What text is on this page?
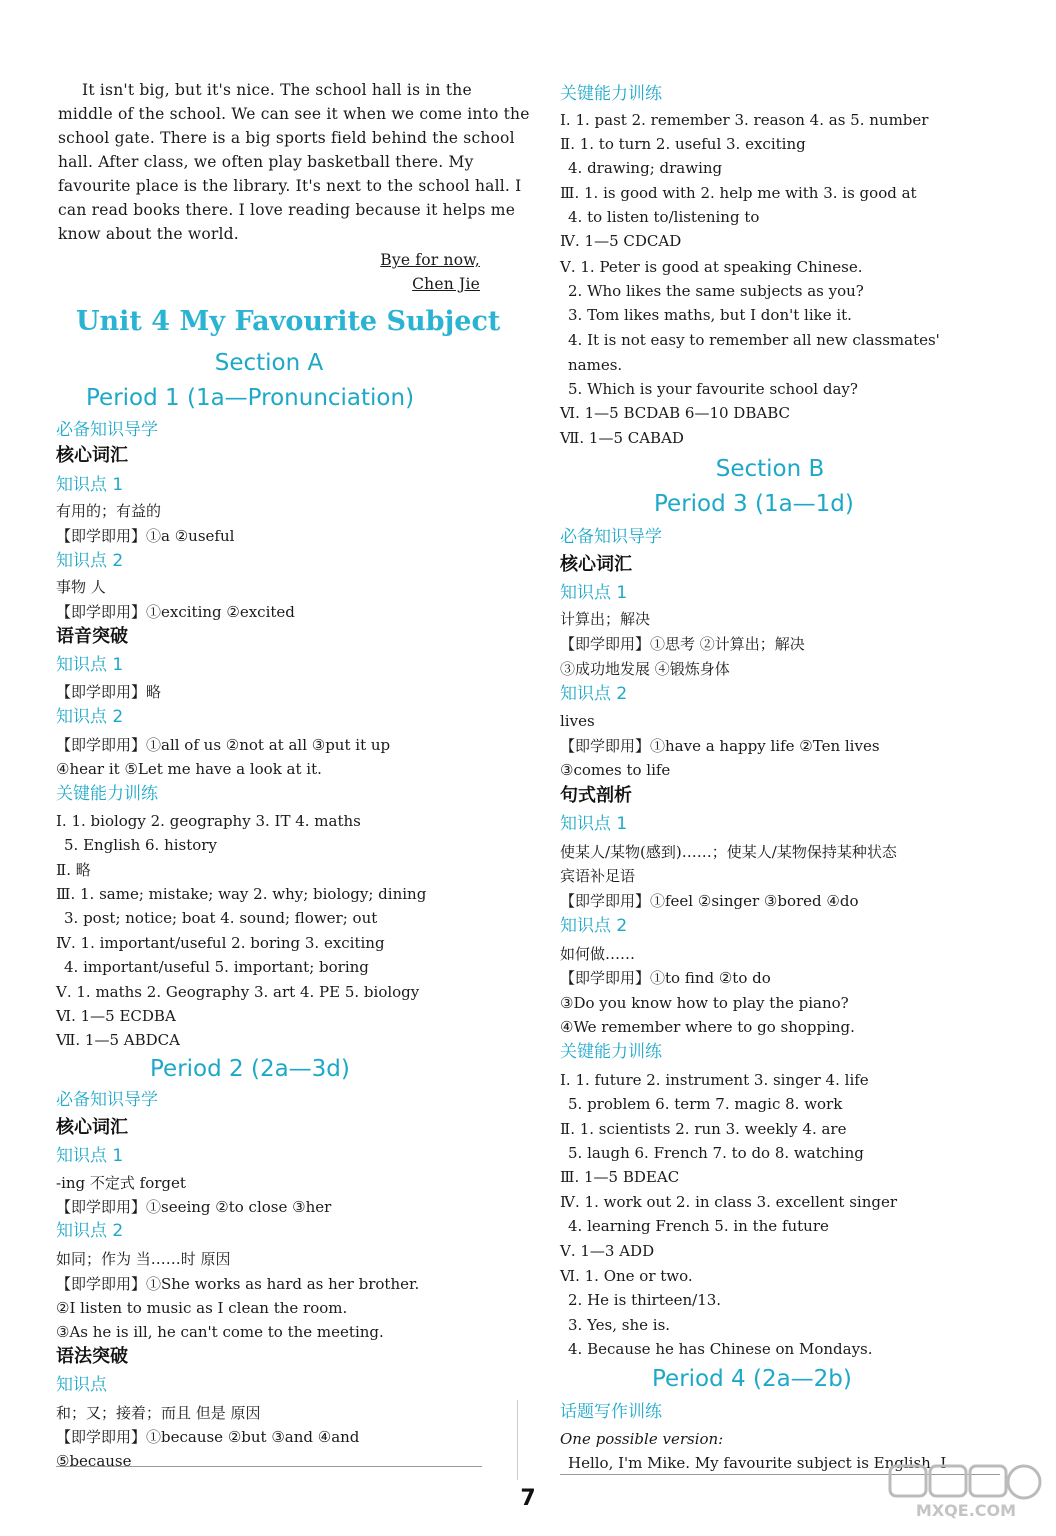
It isn't big, but it's nice. The school hall is in the
middle of the school. We can see it when we come into the
school gate. There is a big sports field behind the school
hall. After class, we often play basketball there. My
favourite place is the library. It's next to the school hall. I
can read books there. I love reading because it helps me
know about the world.
Bye for now,
Chen Jie
Unit 4 My Favourite Subject
Section A
Period 1 (1a—Pronunciation)
必备知识导学
核心词汇
知识点 1
有用的；有益的
【即学即用】①a ②useful
知识点 2
事物 人
【即学即用】①exciting ②excited
语音突破
知识点 1
【即学即用】略
知识点 2
【即学即用】①all of us ②not at all ③put it up
④hear it ⑤Let me have a look at it.
关键能力训练
Ⅰ. 1. biology 2. geography 3. IT 4. maths
5. English 6. history
Ⅱ. 略
Ⅲ. 1. same; mistake; way 2. why; biology; dining
3. post; notice; boat 4. sound; flower; out
Ⅳ. 1. important/useful 2. boring 3. exciting
4. important/useful 5. important; boring
Ⅴ. 1. maths 2. Geography 3. art 4. PE 5. biology
Ⅵ. 1—5 ECDBA
Ⅶ. 1—5 ABDCA
Period 2 (2a—3d)
必备知识导学
核心词汇
知识点 1
-ing 不定式 forget
【即学即用】①seeing ②to close ③her
知识点 2
如同；作为 当……时 原因
【即学即用】①She works as hard as her brother.
②I listen to music as I clean the room.
③As he is ill, he can't come to the meeting.
语法突破
知识点
和；又；接着；而且 但是 原因
【即学即用】①because ②but ③and ④and
⑤because
关键能力训练
Ⅰ. 1. past 2. remember 3. reason 4. as 5. number
Ⅱ. 1. to turn 2. useful 3. exciting
4. drawing; drawing
Ⅲ. 1. is good with 2. help me with 3. is good at
4. to listen to/listening to
Ⅳ. 1—5 CDCAD
Ⅴ. 1. Peter is good at speaking Chinese.
2. Who likes the same subjects as you?
3. Tom likes maths, but I don't like it.
4. It is not easy to remember all new classmates'
names.
5. Which is your favourite school day?
Ⅵ. 1—5 BCDAB 6—10 DBABC
Ⅶ. 1—5 CABAD
Section B
Period 3 (1a—1d)
必备知识导学
核心词汇
知识点 1
计算出；解决
【即学即用】①思考 ②计算出；解决
③成功地发展 ④锻炼身体
知识点 2
lives
【即学即用】①have a happy life ②Ten lives
③comes to life
句式剖析
知识点 1
使某人/某物(感到)……；使某人/某物保持某种状态
宾语补足语
【即学即用】①feel ②singer ③bored ④do
知识点 2
如何做……
【即学即用】①to find ②to do
③Do you know how to play the piano?
④We remember where to go shopping.
关键能力训练
Ⅰ. 1. future 2. instrument 3. singer 4. life
5. problem 6. term 7. magic 8. work
Ⅱ. 1. scientists 2. run 3. weekly 4. are
5. laugh 6. French 7. to do 8. watching
Ⅲ. 1—5 BDEAC
Ⅳ. 1. work out 2. in class 3. excellent singer
4. learning French 5. in the future
Ⅴ. 1—3 ADD
Ⅵ. 1. One or two.
2. He is thirteen/13.
3. Yes, she is.
4. Because he has Chinese on Mondays.
Period 4 (2a—2b)
话题写作训练
One possible version:
Hello, I'm Mike. My favourite subject is English. I
7	MXQE.COM
